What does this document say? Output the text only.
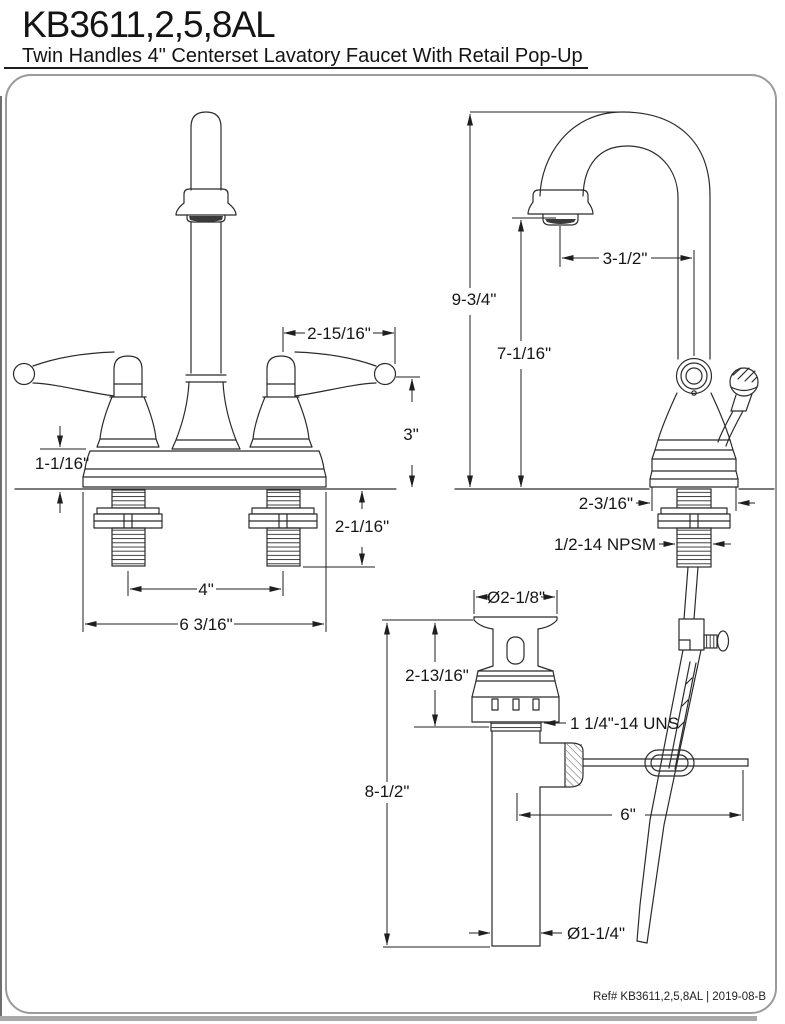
KB3611,2,5,8AL
Twin Handles 4" Centerset Lavatory Faucet With Retail Pop-Up
Ref# KB3611,2,5,8AL | 2019-08-B
2-15/16"
3"
1-1/16"
2-1/16"
4"
6 3/16"
9-3/4"
7-1/16"
3-1/2"
2-3/16"
1/2-14 NPSM
Ø2-1/8"
2-13/16"
1 1/4"-14 UNS
8-1/2"
6"
Ø1-1/4"
